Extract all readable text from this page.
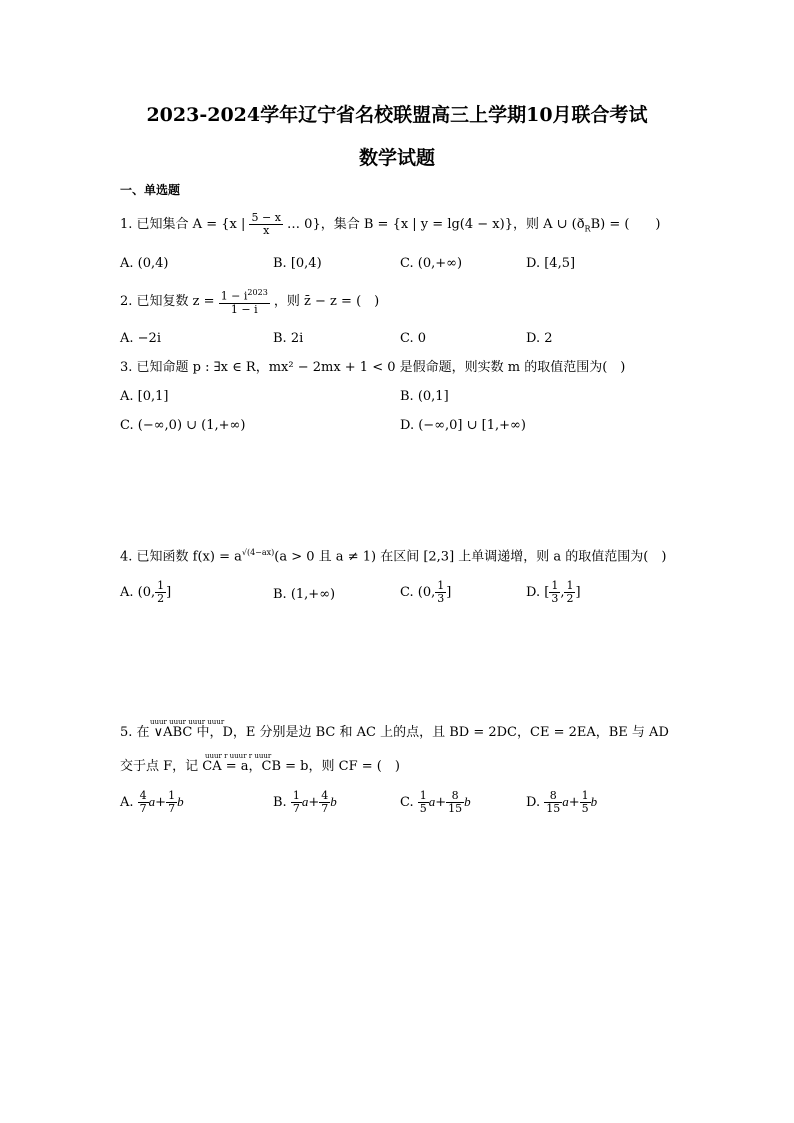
2023-2024学年辽宁省名校联盟高三上学期10月联合考试
数学试题
一、单选题
1. 已知集合 A = {x | $\frac{5 - x}{x}$ … 0}，集合 B = {x | y = lg(4 − x)}，则 A ∪ $(ð_RB)$ = (　　)
A. (0,4)	B. [0,4)	C. (0,+∞)	D. [4,5]
2. 已知复数 $z = \frac{1 - i^{2023}}{1 - i}$ ，则 z̄ − z = (　)
A. −2i	B. 2i	C. 0	D. 2
3. 已知命题 p : ∃x ∈ R，mx² − 2mx + 1 < 0 是假命题，则实数 m 的取值范围为(　)
A. [0,1]	B. (0,1]
C. (−∞,0) ∪ (1,+∞)	D. (−∞,0] ∪ [1,+∞)
4. 已知函数 $f(x) = a^{√(4-ax)}(a > 0$ 且 a ≠ 1) 在区间 [2,3] 上单调递增，则 a 的取值范围为(　)
A. (0, $\frac{1}{2}$ ]	B. (1,+∞)	C. (0, $\frac{1}{3}$ ]	D. [ $\frac{1}{3}$ , $\frac{1}{2}$ ]
uuur uuur uuur uuur
5. 在 ∨ABC 中，D，E 分别是边 BC 和 AC 上的点，且 BD = 2DC，CE = 2EA，BE 与 AD
uuur r uuur r uuur
交于点 F，记 CA = a，CB = b，则 CF = (　)
A. $\frac{4}{7} a+ \frac{1}{7}$ b	B. $\frac{1}{7} a+ \frac{4}{7}$ b	C. $\frac{1}{5} a+ \frac{8}{15}$ b	D. $\frac{8}{15} a+ \frac{1}{5}$ b
